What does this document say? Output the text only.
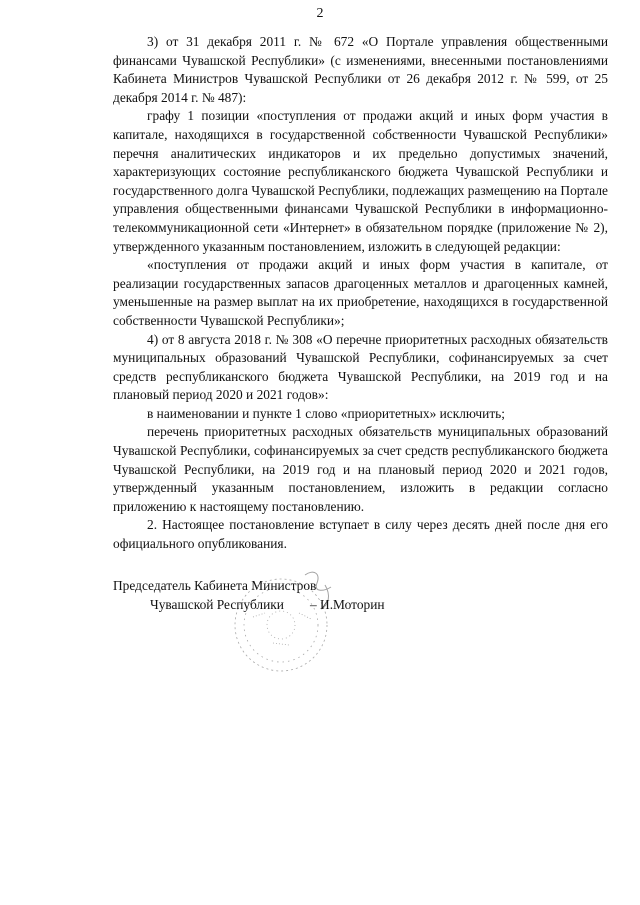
2

3) от 31 декабря 2011 г. № 672 «О Портале управления общественными финансами Чувашской Республики» (с изменениями, внесенными постановлениями Кабинета Министров Чувашской Республики от 26 декабря 2012 г. № 599, от 25 декабря 2014 г. № 487):

графу 1 позиции «поступления от продажи акций и иных форм участия в капитале, находящихся в государственной собственности Чувашской Республики» перечня аналитических индикаторов и их предельно допустимых значений, характеризующих состояние республиканского бюджета Чувашской Республики и государственного долга Чувашской Республики, подлежащих размещению на Портале управления общественными финансами Чувашской Республики в информационно-телекоммуникационной сети «Интернет» в обязательном порядке (приложение № 2), утвержденного указанным постановлением, изложить в следующей редакции:

«поступления от продажи акций и иных форм участия в капитале, от реализации государственных запасов драгоценных металлов и драгоценных камней, уменьшенные на размер выплат на их приобретение, находящихся в государственной собственности Чувашской Республики»;

4) от 8 августа 2018 г. № 308 «О перечне приоритетных расходных обязательств муниципальных образований Чувашской Республики, софинансируемых за счет средств республиканского бюджета Чувашской Республики, на 2019 год и на плановый период 2020 и 2021 годов»:

в наименовании и пункте 1 слово «приоритетных» исключить;

перечень приоритетных расходных обязательств муниципальных образований Чувашской Республики, софинансируемых за счет средств республиканского бюджета Чувашской Республики, на 2019 год и на плановый период 2020 и 2021 годов, утвержденный указанным постановлением, изложить в редакции согласно приложению к настоящему постановлению.

2. Настоящее постановление вступает в силу через десять дней после дня его официального опубликования.

Председатель Кабинета Министров
Чувашской Республики – И.Моторин
